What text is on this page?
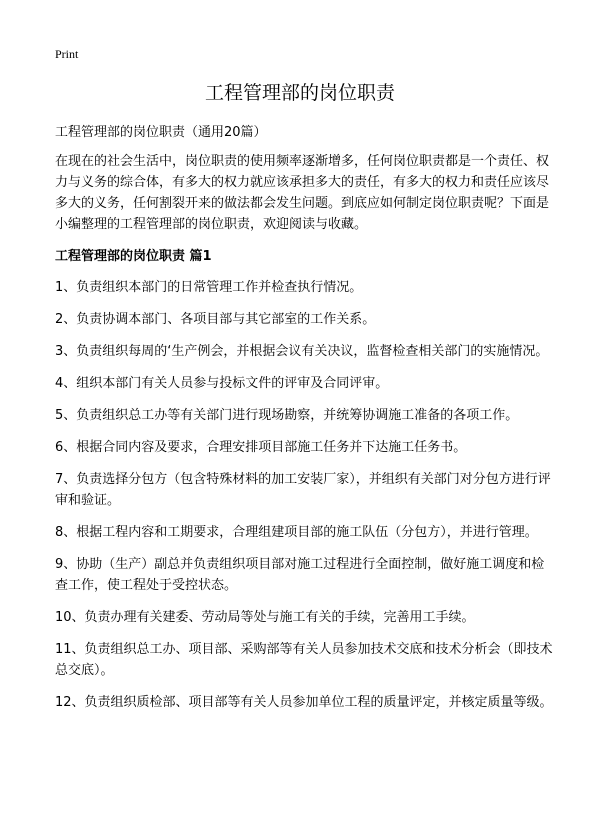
Print
工程管理部的岗位职责

工程管理部的岗位职责（通用20篇）

在现在的社会生活中，岗位职责的使用频率逐渐增多，任何岗位职责都是一个责任、权力与义务的综合体，有多大的权力就应该承担多大的责任，有多大的权力和责任应该尽多大的义务，任何割裂开来的做法都会发生问题。到底应如何制定岗位职责呢？下面是小编整理的工程管理部的岗位职责，欢迎阅读与收藏。

工程管理部的岗位职责 篇1

1、负责组织本部门的日常管理工作并检查执行情况。

2、负责协调本部门、各项目部与其它部室的工作关系。

3、负责组织每周的‘生产例会，并根据会议有关决议，监督检查相关部门的实施情况。

4、组织本部门有关人员参与投标文件的评审及合同评审。

5、负责组织总工办等有关部门进行现场勘察，并统筹协调施工准备的各项工作。

6、根据合同内容及要求，合理安排项目部施工任务并下达施工任务书。

7、负责选择分包方（包含特殊材料的加工安装厂家），并组织有关部门对分包方进行评审和验证。

8、根据工程内容和工期要求，合理组建项目部的施工队伍（分包方），并进行管理。

9、协助（生产）副总并负责组织项目部对施工过程进行全面控制，做好施工调度和检查工作，使工程处于受控状态。

10、负责办理有关建委、劳动局等处与施工有关的手续，完善用工手续。

11、负责组织总工办、项目部、采购部等有关人员参加技术交底和技术分析会（即技术总交底）。

12、负责组织质检部、项目部等有关人员参加单位工程的质量评定，并核定质量等级。
